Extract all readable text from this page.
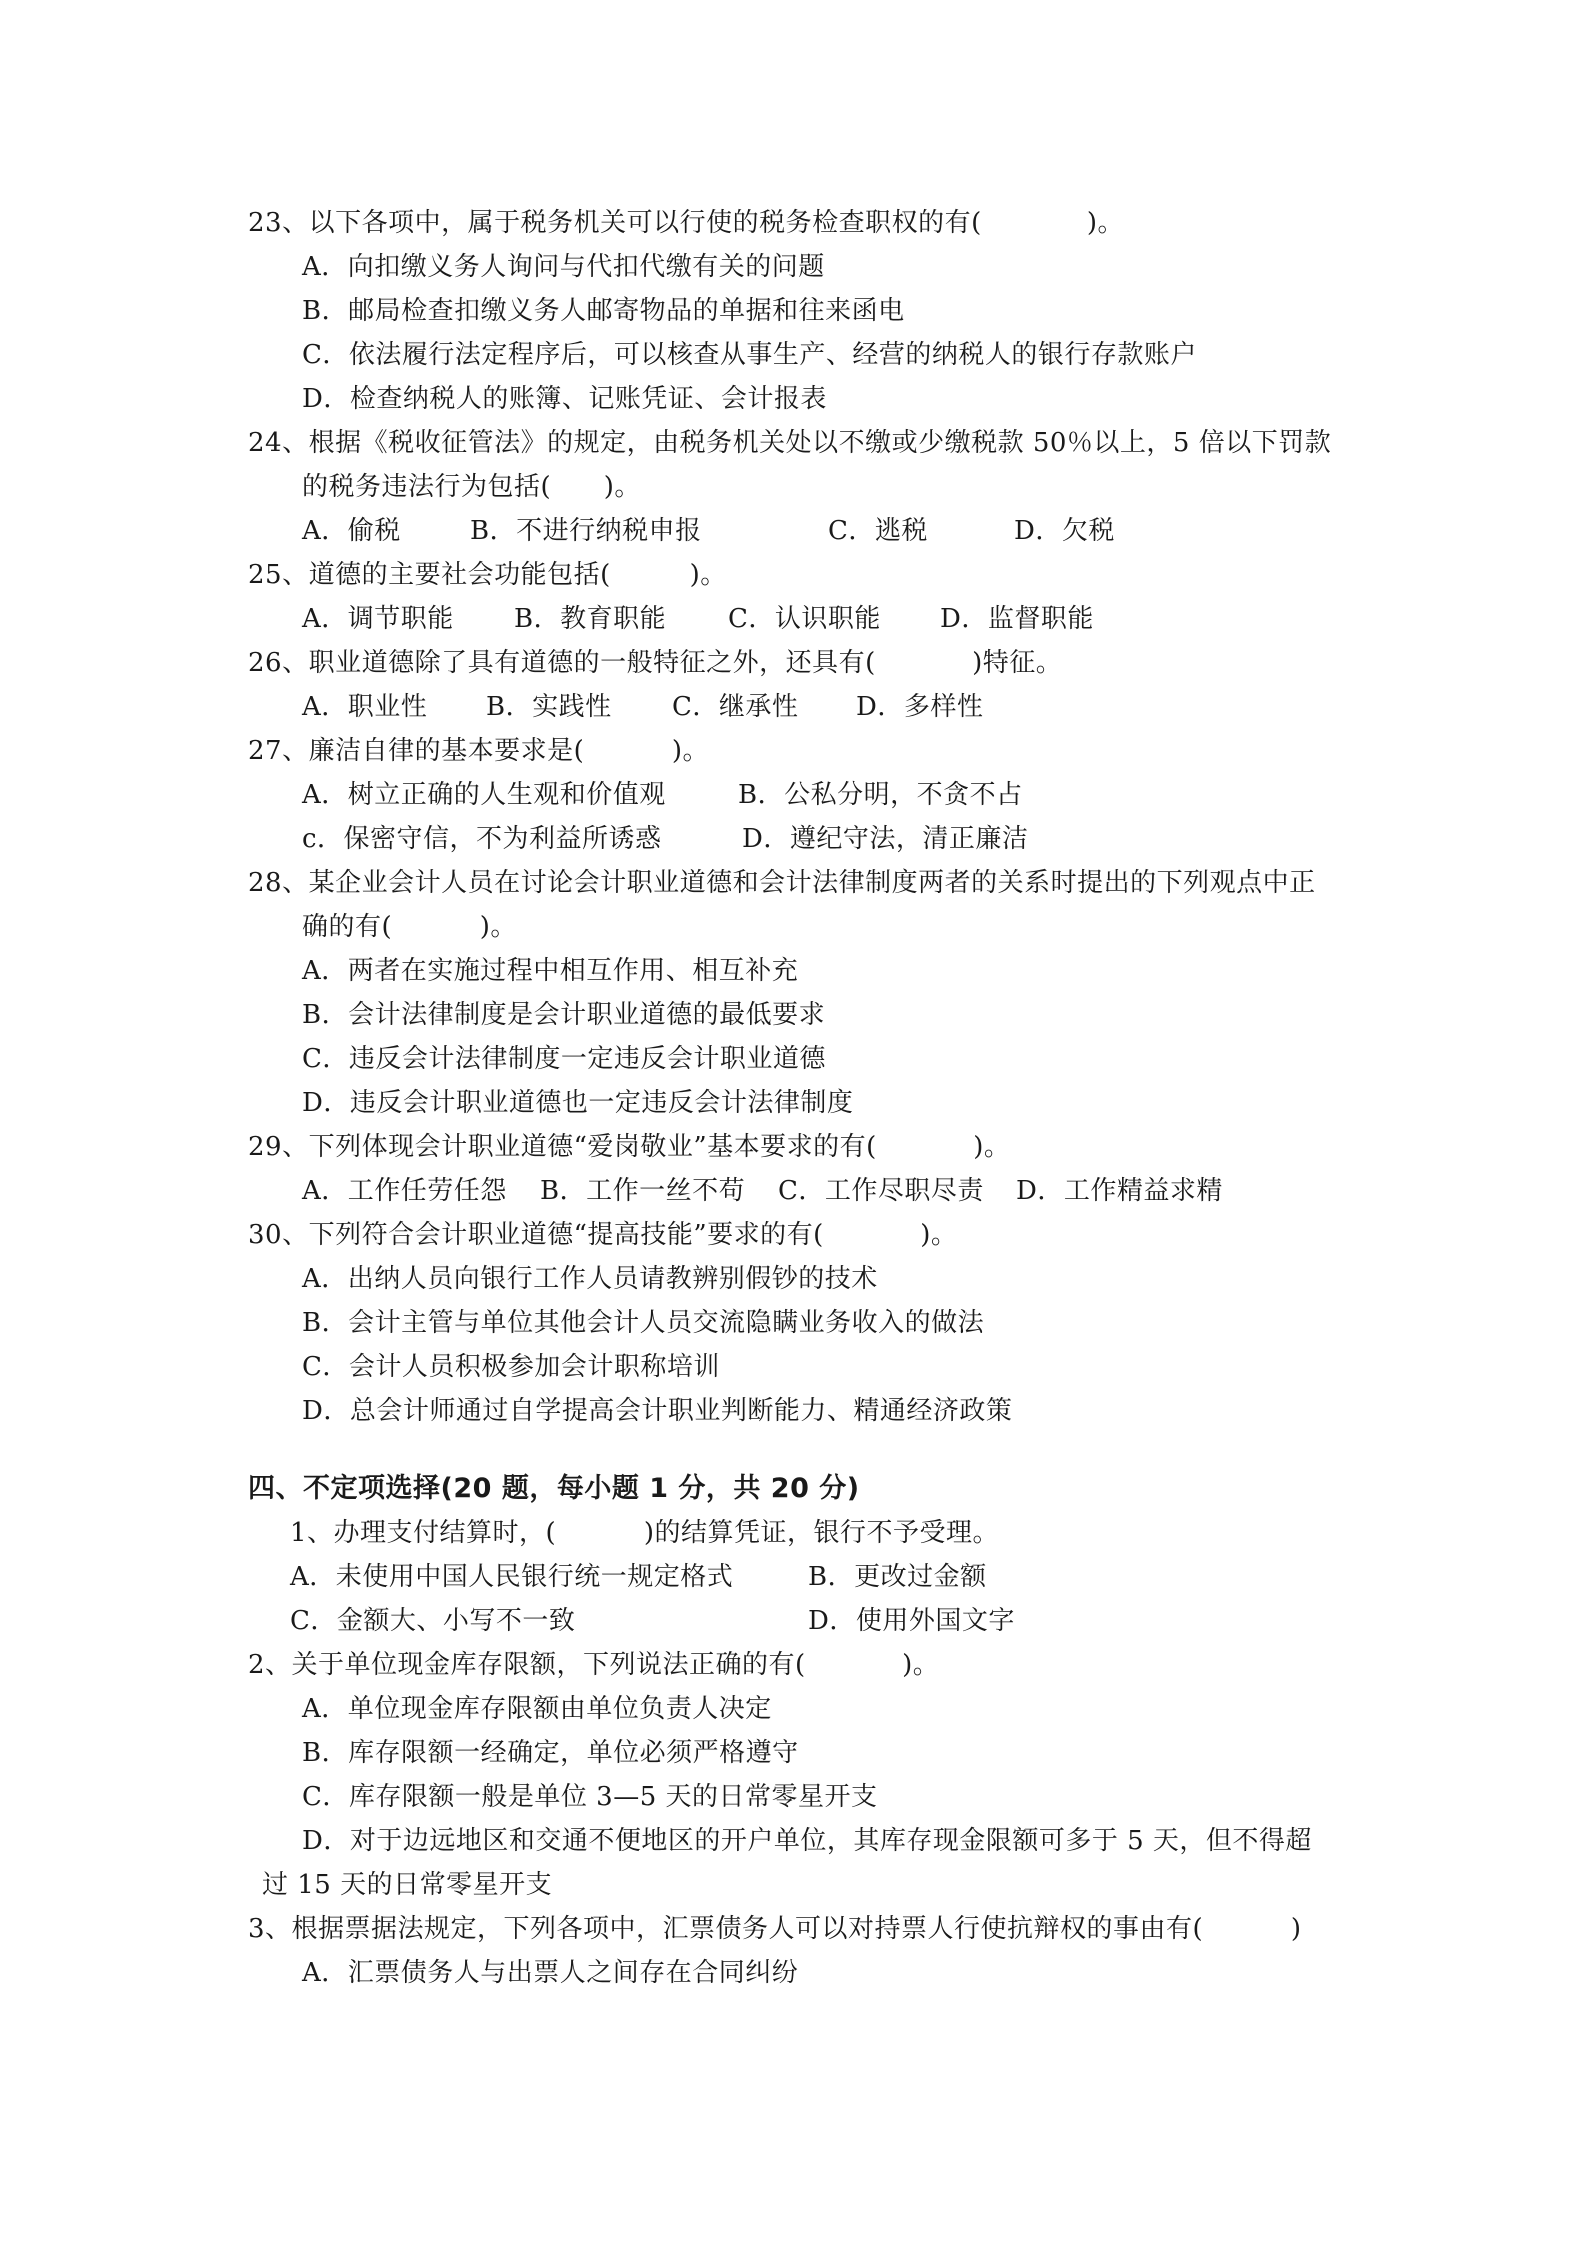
23、以下各项中，属于税务机关可以行使的税务检查职权的有(            )。
A．向扣缴义务人询问与代扣代缴有关的问题
B．邮局检查扣缴义务人邮寄物品的单据和往来函电
C．依法履行法定程序后，可以核查从事生产、经营的纳税人的银行存款账户
D．检查纳税人的账簿、记账凭证、会计报表
24、根据《税收征管法》的规定，由税务机关处以不缴或少缴税款 50％以上，5 倍以下罚款
的税务违法行为包括(      )。
A．偷税	B．不进行纳税申报	C．逃税	D．欠税
25、道德的主要社会功能包括(         )。
A．调节职能 B．教育职能 C．认识职能 D．监督职能
26、职业道德除了具有道德的一般特征之外，还具有(           )特征。
A．职业性 B．实践性 C．继承性 D．多样性
27、廉洁自律的基本要求是(          )。
A．树立正确的人生观和价值观	B．公私分明，不贪不占
c．保密守信，不为利益所诱惑	D．遵纪守法，清正廉洁
28、某企业会计人员在讨论会计职业道德和会计法律制度两者的关系时提出的下列观点中正
确的有(          )。
A．两者在实施过程中相互作用、相互补充
B．会计法律制度是会计职业道德的最低要求
C．违反会计法律制度一定违反会计职业道德
D．违反会计职业道德也一定违反会计法律制度
29、下列体现会计职业道德“爱岗敬业”基本要求的有(           )。
A．工作任劳任怨 B．工作一丝不苟 C．工作尽职尽责 D．工作精益求精
30、下列符合会计职业道德“提高技能”要求的有(           )。
A．出纳人员向银行工作人员请教辨别假钞的技术
B．会计主管与单位其他会计人员交流隐瞒业务收入的做法
C．会计人员积极参加会计职称培训
D．总会计师通过自学提高会计职业判断能力、精通经济政策
四、不定项选择(20 题，每小题 1 分，共 20 分)
1、办理支付结算时，(          )的结算凭证，银行不予受理。
A．未使用中国人民银行统一规定格式	B．更改过金额
C．金额大、小写不一致	D．使用外国文字
2、关于单位现金库存限额，下列说法正确的有(           )。
A．单位现金库存限额由单位负责人决定
B．库存限额一经确定，单位必须严格遵守
C．库存限额一般是单位 3—5 天的日常零星开支
D．对于边远地区和交通不便地区的开户单位，其库存现金限额可多于 5 天，但不得超
过 15 天的日常零星开支
3、根据票据法规定，下列各项中，汇票债务人可以对持票人行使抗辩权的事由有(          )
A．汇票债务人与出票人之间存在合同纠纷
